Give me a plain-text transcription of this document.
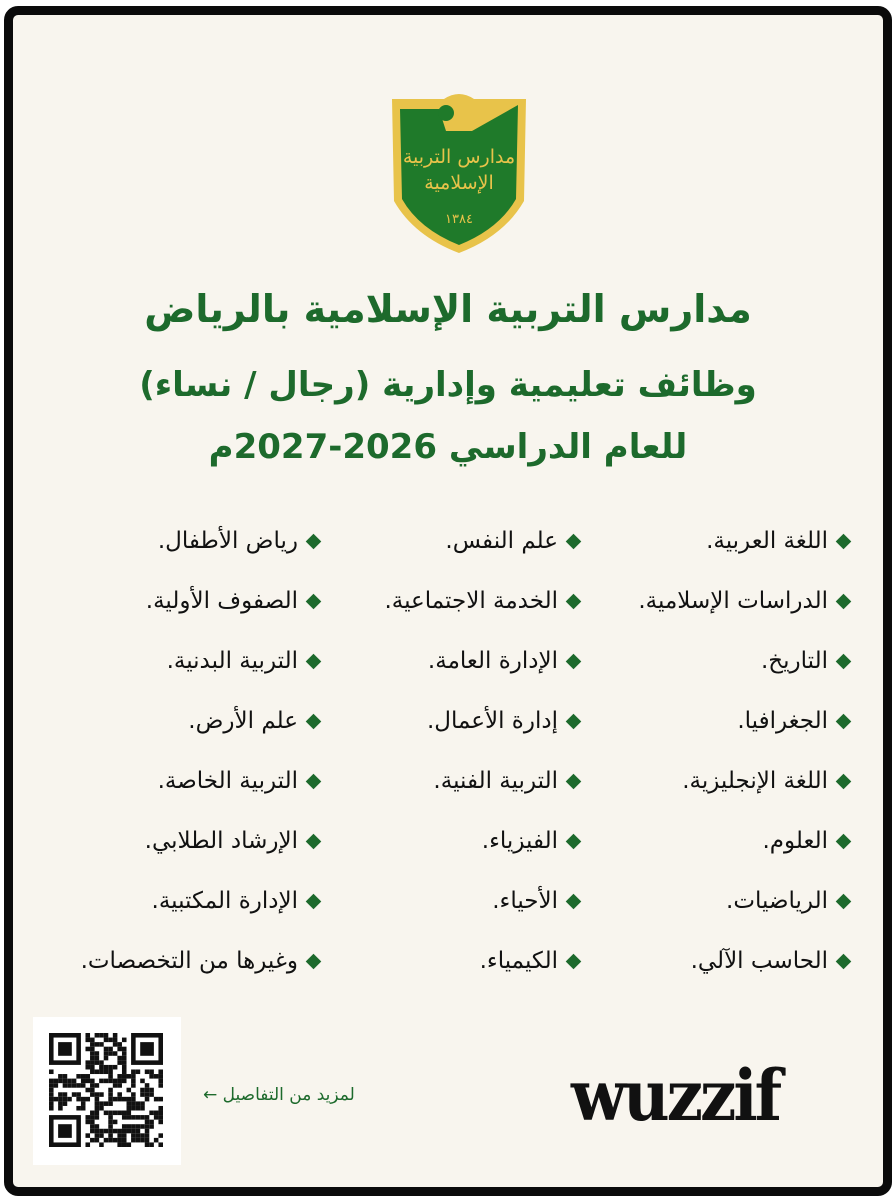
مدارس التربية
الإسلامية
١٣٨٤
مدارس التربية الإسلامية بالرياض
وظائف تعليمية وإدارية (رجال / نساء)
للعام الدراسي 2026-2027م
اللغة العربية.
علم النفس.
رياض الأطفال.
الدراسات الإسلامية.
الخدمة الاجتماعية.
الصفوف الأولية.
التاريخ.
الإدارة العامة.
التربية البدنية.
الجغرافيا.
إدارة الأعمال.
علم الأرض.
اللغة الإنجليزية.
التربية الفنية.
التربية الخاصة.
العلوم.
الفيزياء.
الإرشاد الطلابي.
الرياضيات.
الأحياء.
الإدارة المكتبية.
الحاسب الآلي.
الكيمياء.
وغيرها من التخصصات.
لمزيد من التفاصيل ←	wuzzif
